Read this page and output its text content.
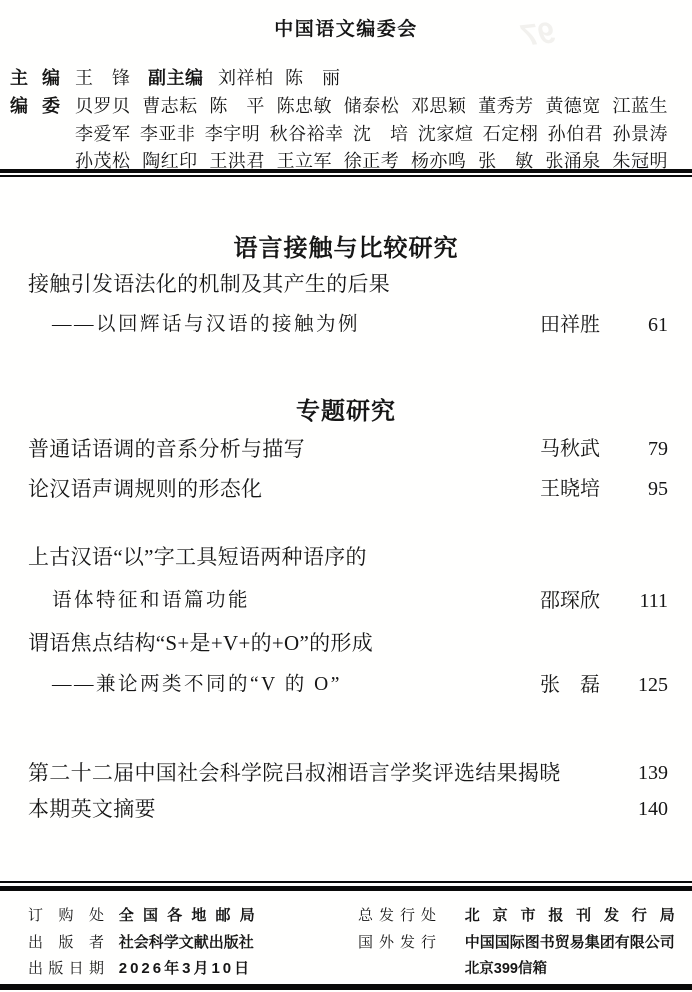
97
中国语文编委会
主编 王　锋 副主编 刘祥柏 陈　丽
编委 贝罗贝 曹志耘 陈　平 陈忠敏 储泰松 邓思颖 董秀芳 黄德宽 江蓝生
李爱军 李亚非 李宇明 秋谷裕幸 沈　培 沈家煊 石定栩 孙伯君 孙景涛
孙茂松 陶红印 王洪君 王立军 徐正考 杨亦鸣 张　敏 张涌泉 朱冠明
语言接触与比较研究
接触引发语法化的机制及其产生的后果
——以回辉话与汉语的接触为例	田祥胜	61
专题研究
普通话语调的音系分析与描写	马秋武	79
论汉语声调规则的形态化	王晓培	95
上古汉语“以”字工具短语两种语序的
语体特征和语篇功能	邵琛欣	111
谓语焦点结构“S+是+V+的+O”的形成
——兼论两类不同的“V 的 O”	张　磊	125
第二十二届中国社会科学院吕叔湘语言学奖评选结果揭晓	139
本期英文摘要	140
订购处 全国各地邮局
出版者 社会科学文献出版社
出版日期 2026年3月10日
总发行处 北京市报刊发行局
国外发行 中国国际图书贸易集团有限公司
北京399信箱
